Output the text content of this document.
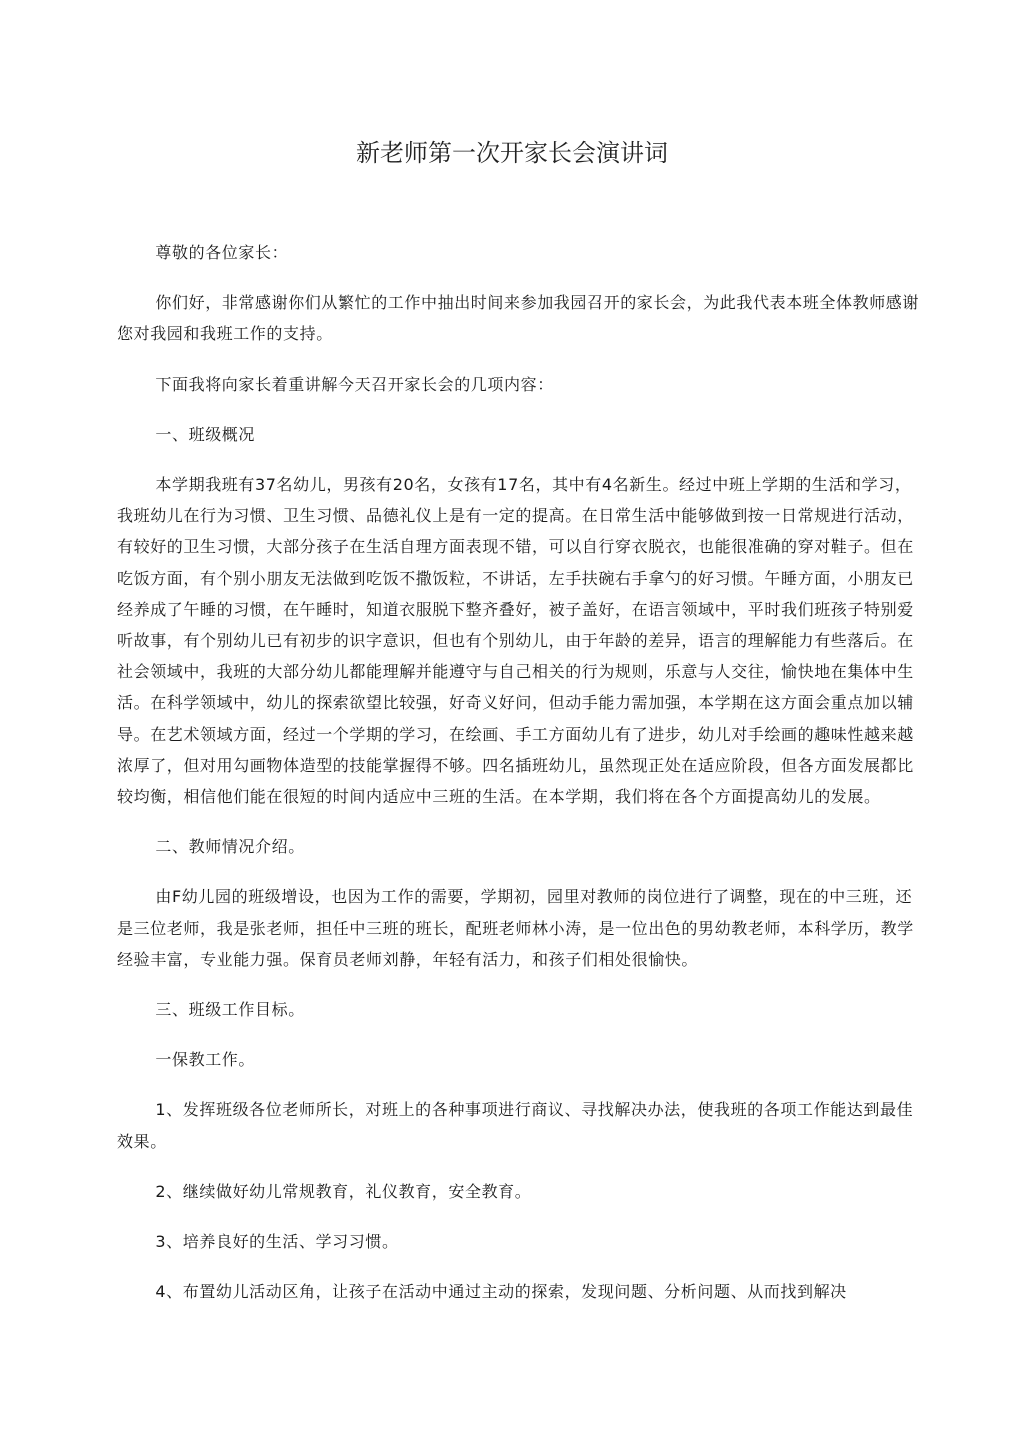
新老师第一次开家长会演讲词

尊敬的各位家长：

你们好，非常感谢你们从繁忙的工作中抽出时间来参加我园召开的家长会，为此我代表本班全体教师感谢您对我园和我班工作的支持。

下面我将向家长着重讲解今天召开家长会的几项内容：

一、班级概况

本学期我班有37名幼儿，男孩有20名，女孩有17名，其中有4名新生。经过中班上学期的生活和学习，我班幼儿在行为习惯、卫生习惯、品德礼仪上是有一定的提高。在日常生活中能够做到按一日常规进行活动，有较好的卫生习惯，大部分孩子在生活自理方面表现不错，可以自行穿衣脱衣，也能很准确的穿对鞋子。但在吃饭方面，有个别小朋友无法做到吃饭不撒饭粒，不讲话，左手扶碗右手拿勺的好习惯。午睡方面，小朋友已经养成了午睡的习惯，在午睡时，知道衣服脱下整齐叠好，被子盖好，在语言领域中，平时我们班孩子特别爱听故事，有个别幼儿已有初步的识字意识，但也有个别幼儿，由于年龄的差异，语言的理解能力有些落后。在社会领域中，我班的大部分幼儿都能理解并能遵守与自己相关的行为规则，乐意与人交往，愉快地在集体中生活。在科学领域中，幼儿的探索欲望比较强，好奇义好问，但动手能力需加强，本学期在这方面会重点加以辅导。在艺术领域方面，经过一个学期的学习，在绘画、手工方面幼儿有了进步，幼儿对手绘画的趣味性越来越浓厚了，但对用勾画物体造型的技能掌握得不够。四名插班幼儿，虽然现正处在适应阶段，但各方面发展都比较均衡，相信他们能在很短的时间内适应中三班的生活。在本学期，我们将在各个方面提高幼儿的发展。

二、教师情况介绍。

由F幼儿园的班级增设，也因为工作的需要，学期初，园里对教师的岗位进行了调整，现在的中三班，还是三位老师，我是张老师，担任中三班的班长，配班老师林小涛，是一位出色的男幼教老师，本科学历，教学经验丰富，专业能力强。保育员老师刘静，年轻有活力，和孩子们相处很愉快。

三、班级工作目标。

一保教工作。

1、发挥班级各位老师所长，对班上的各种事项进行商议、寻找解决办法，使我班的各项工作能达到最佳效果。

2、继续做好幼儿常规教育，礼仪教育，安全教育。

3、培养良好的生活、学习习惯。

4、布置幼儿活动区角，让孩子在活动中通过主动的探索，发现问题、分析问题、从而找到解决
